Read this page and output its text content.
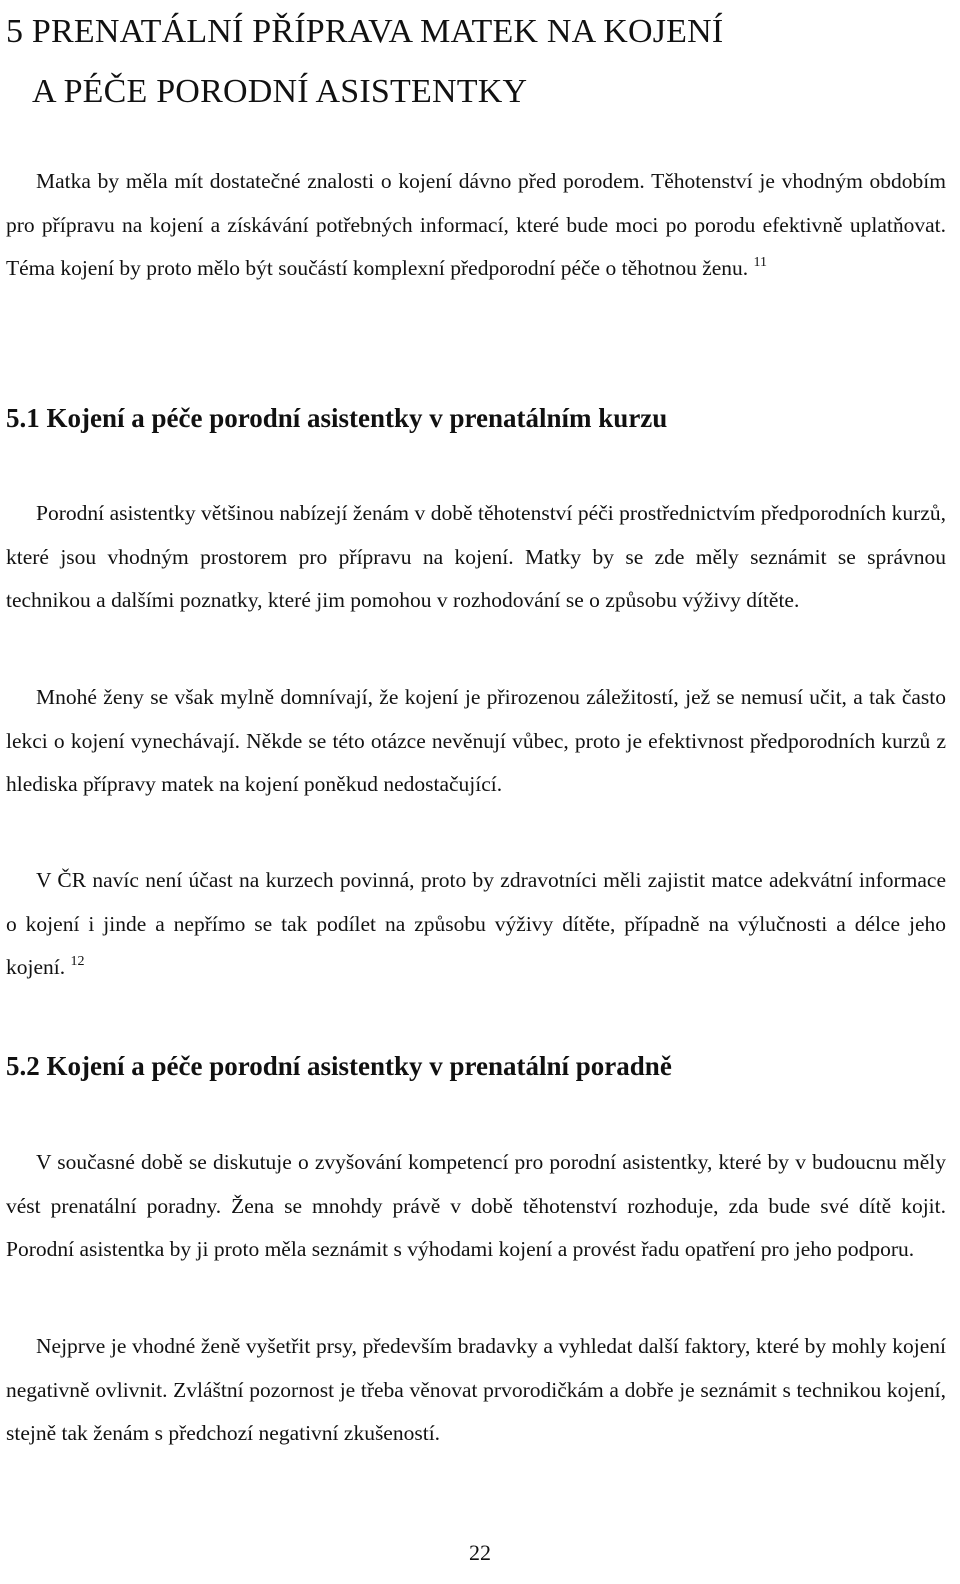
5 PRENATÁLNÍ PŘÍPRAVA MATEK NA KOJENÍ
A PÉČE PORODNÍ ASISTENTKY

Matka by měla mít dostatečné znalosti o kojení dávno před porodem. Těhotenství je vhodným obdobím pro přípravu na kojení a získávání potřebných informací, které bude moci po porodu efektivně uplatňovat. Téma kojení by proto mělo být součástí komplexní předporodní péče o těhotnou ženu. $^{11}$

5.1 Kojení a péče porodní asistentky v prenatálním kurzu

Porodní asistentky většinou nabízejí ženám v době těhotenství péči prostřednictvím předporodních kurzů, které jsou vhodným prostorem pro přípravu na kojení. Matky by se zde měly seznámit se správnou technikou a dalšími poznatky, které jim pomohou v rozhodování se o způsobu výživy dítěte.

Mnohé ženy se však mylně domnívají, že kojení je přirozenou záležitostí, jež se nemusí učit, a tak často lekci o kojení vynechávají. Někde se této otázce nevěnují vůbec, proto je efektivnost předporodních kurzů z hlediska přípravy matek na kojení poněkud nedostačující.

V ČR navíc není účast na kurzech povinná, proto by zdravotníci měli zajistit matce adekvátní informace o kojení i jinde a nepřímo se tak podílet na způsobu výživy dítěte, případně na výlučnosti a délce jeho kojení. $^{12}$

5.2 Kojení a péče porodní asistentky v prenatální poradně

V současné době se diskutuje o zvyšování kompetencí pro porodní asistentky, které by v budoucnu měly vést prenatální poradny. Žena se mnohdy právě v době těhotenství rozhoduje, zda bude své dítě kojit. Porodní asistentka by ji proto měla seznámit s výhodami kojení a provést řadu opatření pro jeho podporu.

Nejprve je vhodné ženě vyšetřit prsy, především bradavky a vyhledat další faktory, které by mohly kojení negativně ovlivnit. Zvláštní pozornost je třeba věnovat prvorodičkám a dobře je seznámit s technikou kojení, stejně tak ženám s předchozí negativní zkušeností.

22
